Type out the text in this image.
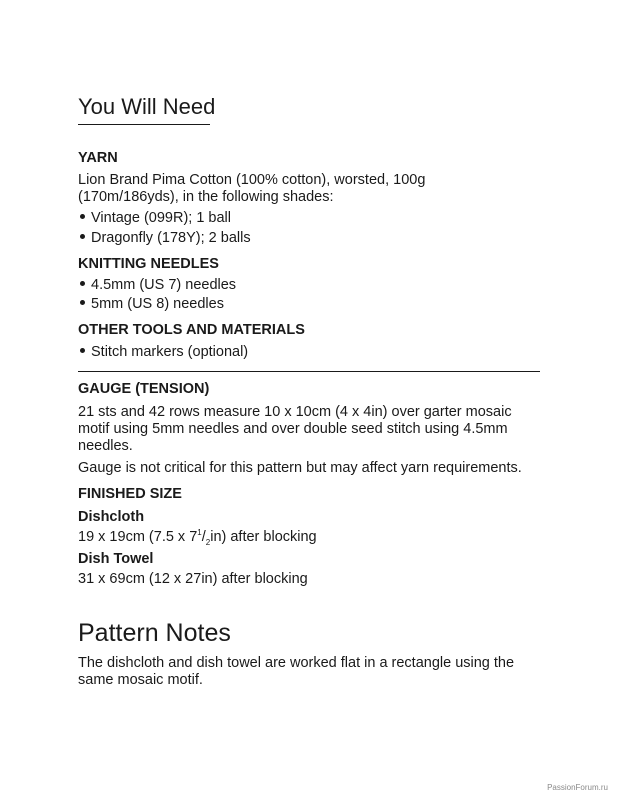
You Will Need
YARN
Lion Brand Pima Cotton (100% cotton), worsted, 100g
(170m/186yds), in the following shades:
Vintage (099R); 1 ball
Dragonfly (178Y); 2 balls
KNITTING NEEDLES
4.5mm (US 7) needles
5mm (US 8) needles
OTHER TOOLS AND MATERIALS
Stitch markers (optional)
GAUGE (TENSION)
21 sts and 42 rows measure 10 x 10cm (4 x 4in) over garter mosaic
motif using 5mm needles and over double seed stitch using 4.5mm
needles.
Gauge is not critical for this pattern but may affect yarn requirements.
FINISHED SIZE
Dishcloth
19 x 19cm (7.5 x $7^1/_2in$) after blocking
Dish Towel
31 x 69cm (12 x 27in) after blocking
Pattern Notes
The dishcloth and dish towel are worked flat in a rectangle using the
same mosaic motif.
PassionForum.ru
